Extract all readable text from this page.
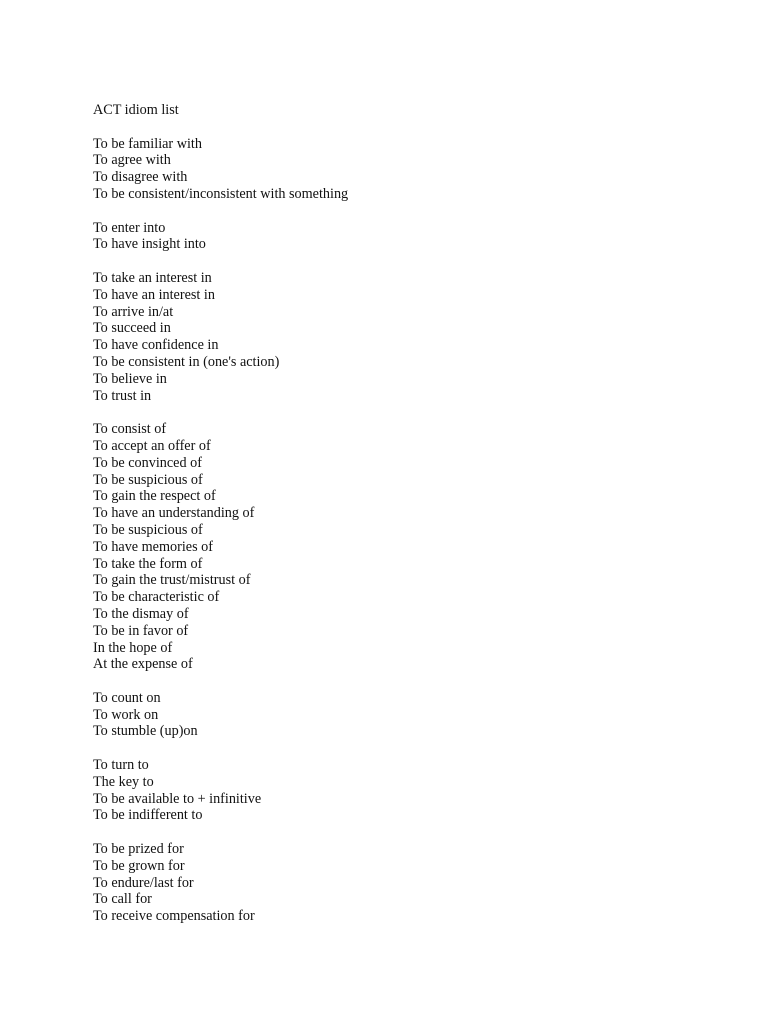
ACT idiom list
To be familiar with
To agree with
To disagree with
To be consistent/inconsistent with something
To enter into
To have insight into
To take an interest in
To have an interest in
To arrive in/at
To succeed in
To have confidence in
To be consistent in (one's action)
To believe in
To trust in
To consist of
To accept an offer of
To be convinced of
To be suspicious of
To gain the respect of
To have an understanding of
To be suspicious of
To have memories of
To take the form of
To gain the trust/mistrust of
To be characteristic of
To the dismay of
To be in favor of
In the hope of
At the expense of
To count on
To work on
To stumble (up)on
To turn to
The key to
To be available to + infinitive
To be indifferent to
To be prized for
To be grown for
To endure/last for
To call for
To receive compensation for
